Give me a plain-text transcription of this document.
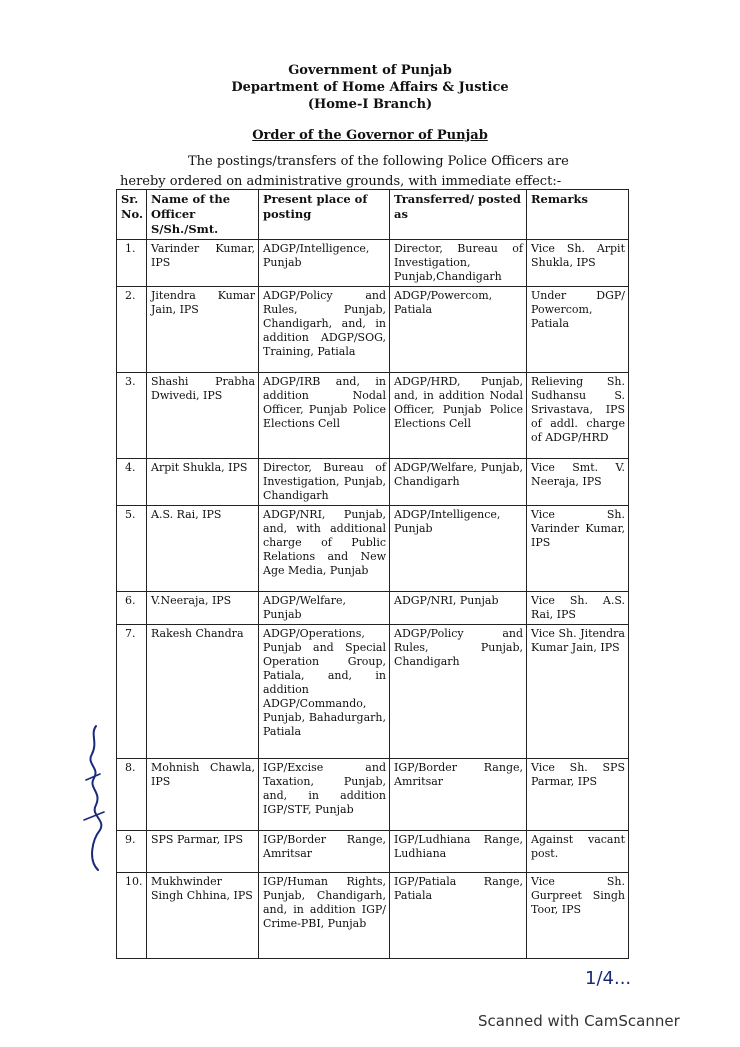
Government of Punjab
Department of Home Affairs & Justice
(Home-I Branch)
Order of the Governor of Punjab
The postings/transfers of the following Police Officers are
hereby ordered on administrative grounds, with immediate effect:-
Sr. No.	Name of the Officer S/Sh./Smt.	Present place of posting	Transferred/ posted as	Remarks
1.	Varinder Kumar, IPS	ADGP/Intelligence, Punjab	Director, Bureau of Investigation, Punjab,Chandigarh	Vice Sh. Arpit Shukla, IPS
2.	Jitendra Kumar Jain, IPS	ADGP/Policy and Rules, Punjab, Chandigarh, and, in addition ADGP/SOG, Training, Patiala	ADGP/Powercom, Patiala	Under DGP/ Powercom, Patiala
3.	Shashi Prabha Dwivedi, IPS	ADGP/IRB and, in addition Nodal Officer, Punjab Police Elections Cell	ADGP/HRD, Punjab, and, in addition Nodal Officer, Punjab Police Elections Cell	Relieving Sh. Sudhansu S. Srivastava, IPS of addl. charge of ADGP/HRD
4.	Arpit Shukla, IPS	Director, Bureau of Investigation, Punjab, Chandigarh	ADGP/Welfare, Punjab, Chandigarh	Vice Smt. V. Neeraja, IPS
5.	A.S. Rai, IPS	ADGP/NRI, Punjab, and, with additional charge of Public Relations and New Age Media, Punjab	ADGP/Intelligence, Punjab	Vice Sh. Varinder Kumar, IPS
6.	V.Neeraja, IPS	ADGP/Welfare, Punjab	ADGP/NRI, Punjab	Vice Sh. A.S. Rai, IPS
7.	Rakesh Chandra	ADGP/Operations, Punjab and Special Operation Group, Patiala, and, in addition ADGP/Commando, Punjab, Bahadurgarh, Patiala	ADGP/Policy and Rules, Punjab, Chandigarh	Vice Sh. Jitendra Kumar Jain, IPS
8.	Mohnish Chawla, IPS	IGP/Excise and Taxation, Punjab, and, in addition IGP/STF, Punjab	IGP/Border Range, Amritsar	Vice Sh. SPS Parmar, IPS
9.	SPS Parmar, IPS	IGP/Border Range, Amritsar	IGP/Ludhiana Range, Ludhiana	Against vacant post.
10.	Mukhwinder Singh Chhina, IPS	IGP/Human Rights, Punjab, Chandigarh, and, in addition IGP/ Crime-PBI, Punjab	IGP/Patiala Range, Patiala	Vice Sh. Gurpreet Singh Toor, IPS
1/4...
Scanned with CamScanner
